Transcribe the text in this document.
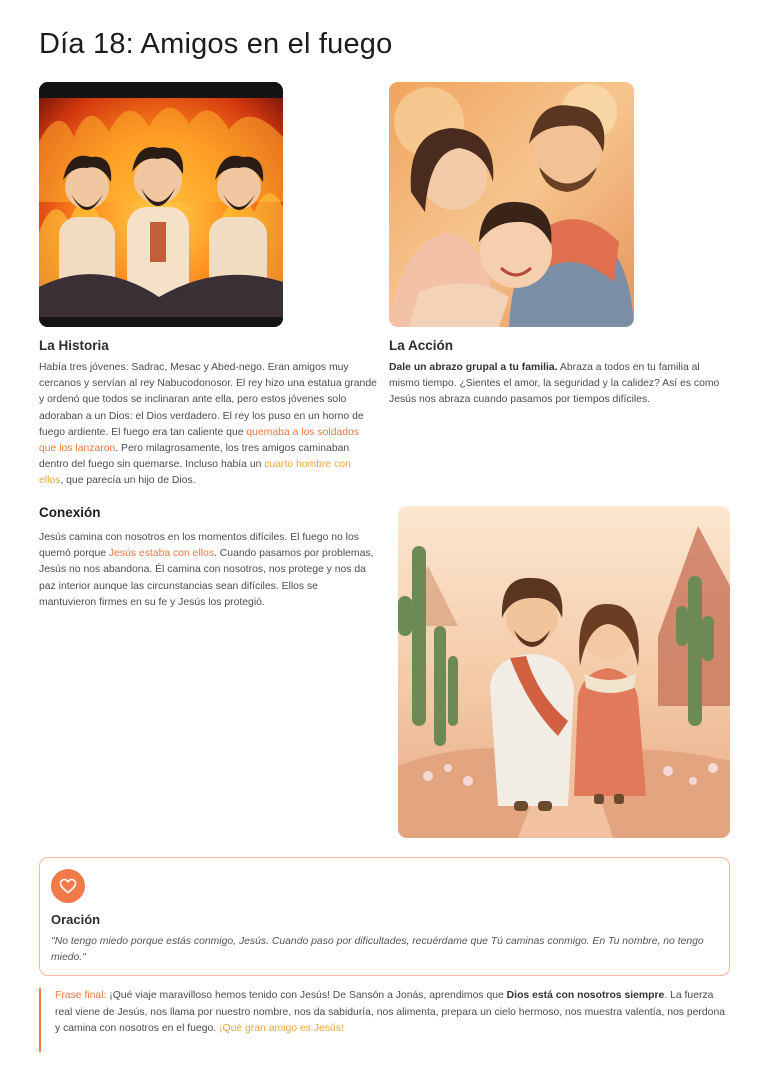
Día 18: Amigos en el fuego
La Historia

Había tres jóvenes: Sadrac, Mesac y Abed-nego. Eran amigos muy cercanos y servían al rey Nabucodonosor. El rey hizo una estatua grande y ordenó que todos se inclinaran ante ella, pero estos jóvenes solo adoraban a un Dios: el Dios verdadero. El rey los puso en un horno de fuego ardiente. El fuego era tan caliente que quemaba a los soldados que los lanzaron. Pero milagrosamente, los tres amigos caminaban dentro del fuego sin quemarse. Incluso había un cuarto hombre con ellos, que parecía un hijo de Dios.

La Acción

Dale un abrazo grupal a tu familia. Abraza a todos en tu familia al mismo tiempo. ¿Sientes el amor, la seguridad y la calidez? Así es como Jesús nos abraza cuando pasamos por tiempos difíciles.

Conexión

Jesús camina con nosotros en los momentos difíciles. El fuego no los quemó porque Jesús estaba con ellos. Cuando pasamos por problemas, Jesús no nos abandona. Él camina con nosotros, nos protege y nos da paz interior aunque las circunstancias sean difíciles. Ellos se mantuvieron firmes en su fe y Jesús los protegió.

Oración

"No tengo miedo porque estás conmigo, Jesús. Cuando paso por dificultades, recuérdame que Tú caminas conmigo. En Tu nombre, no tengo miedo."

Frase final: ¡Qué viaje maravilloso hemos tenido con Jesús! De Sansón a Jonás, aprendimos que Dios está con nosotros siempre. La fuerza real viene de Jesús, nos llama por nuestro nombre, nos da sabiduría, nos alimenta, prepara un cielo hermoso, nos muestra valentía, nos perdona y camina con nosotros en el fuego. ¡Qué gran amigo es Jesús!
